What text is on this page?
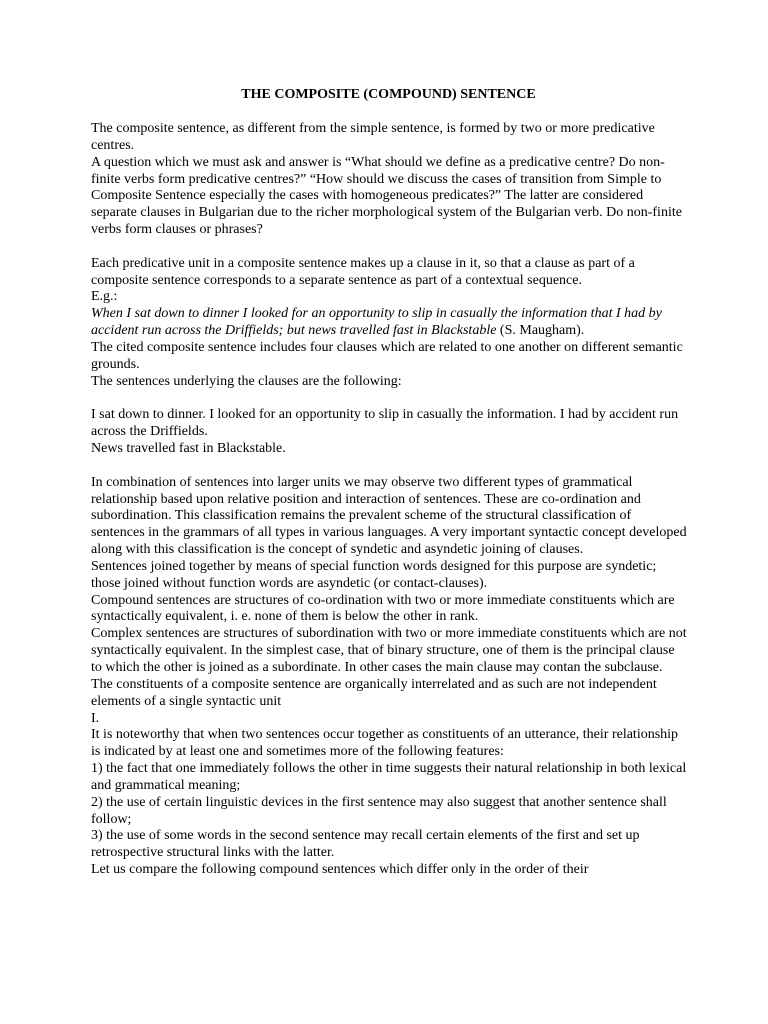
THE COMPOSITE (COMPOUND) SENTENCE

The composite sentence, as different from the simple sentence, is formed by two or more predicative centres.

A question which we must ask and answer is “What should we define as a predicative centre? Do non-finite verbs form predicative centres?” “How should we discuss the cases of transition from Simple to Composite Sentence especially the cases with homogeneous predicates?” The latter are considered separate clauses in Bulgarian due to the richer morphological system of the Bulgarian verb. Do non-finite verbs form clauses or phrases?

Each predicative unit in a composite sentence makes up a clause in it, so that a clause as part of a composite sentence corresponds to a separate sentence as part of a contextual sequence.

E.g.:

When I sat down to dinner I looked for an opportunity to slip in casually the information that I had by accident run across the Driffields; but news travelled fast in Blackstable (S. Maugham).

The cited composite sentence includes four clauses which are related to one another on different semantic grounds.

The sentences underlying the clauses are the following:

I sat down to dinner. I looked for an opportunity to slip in casually the information. I had by accident run across the Driffields.

News travelled fast in Blackstable.

In combination of sentences into larger units we may observe two different types of grammatical relationship based upon relative position and interaction of sentences. These are co-ordination and subordination. This classification remains the prevalent scheme of the structural classification of sentences in the grammars of all types in various languages. A very important syntactic concept developed along with this classification is the concept of syndetic and asyndetic joining of clauses.

Sentences joined together by means of special function words designed for this purpose are syndetic; those joined without function words are asyndetic (or contact-clauses).

Compound sentences are structures of co-ordination with two or more immediate constituents which are syntactically equivalent, i. e. none of them is below the other in rank.

Complex sentences are structures of subordination with two or more immediate constituents which are not syntactically equivalent. In the simplest case, that of binary structure, one of them is the principal clause to which the other is joined as a subordinate. In other cases the main clause may contan the subclause.

The constituents of a composite sentence are organically interrelated and as such are not independent elements of a single syntactic unit

I.

It is noteworthy that when two sentences occur together as constituents of an utterance, their relationship is indicated by at least one and sometimes more of the following features:

1) the fact that one immediately follows the other in time suggests their natural relationship in both lexical and grammatical meaning;

2) the use of certain linguistic devices in the first sentence may also suggest that another sentence shall follow;

3) the use of some words in the second sentence may recall certain elements of the first and set up retrospective structural links with the latter.

Let us compare the following compound sentences which differ only in the order of their
